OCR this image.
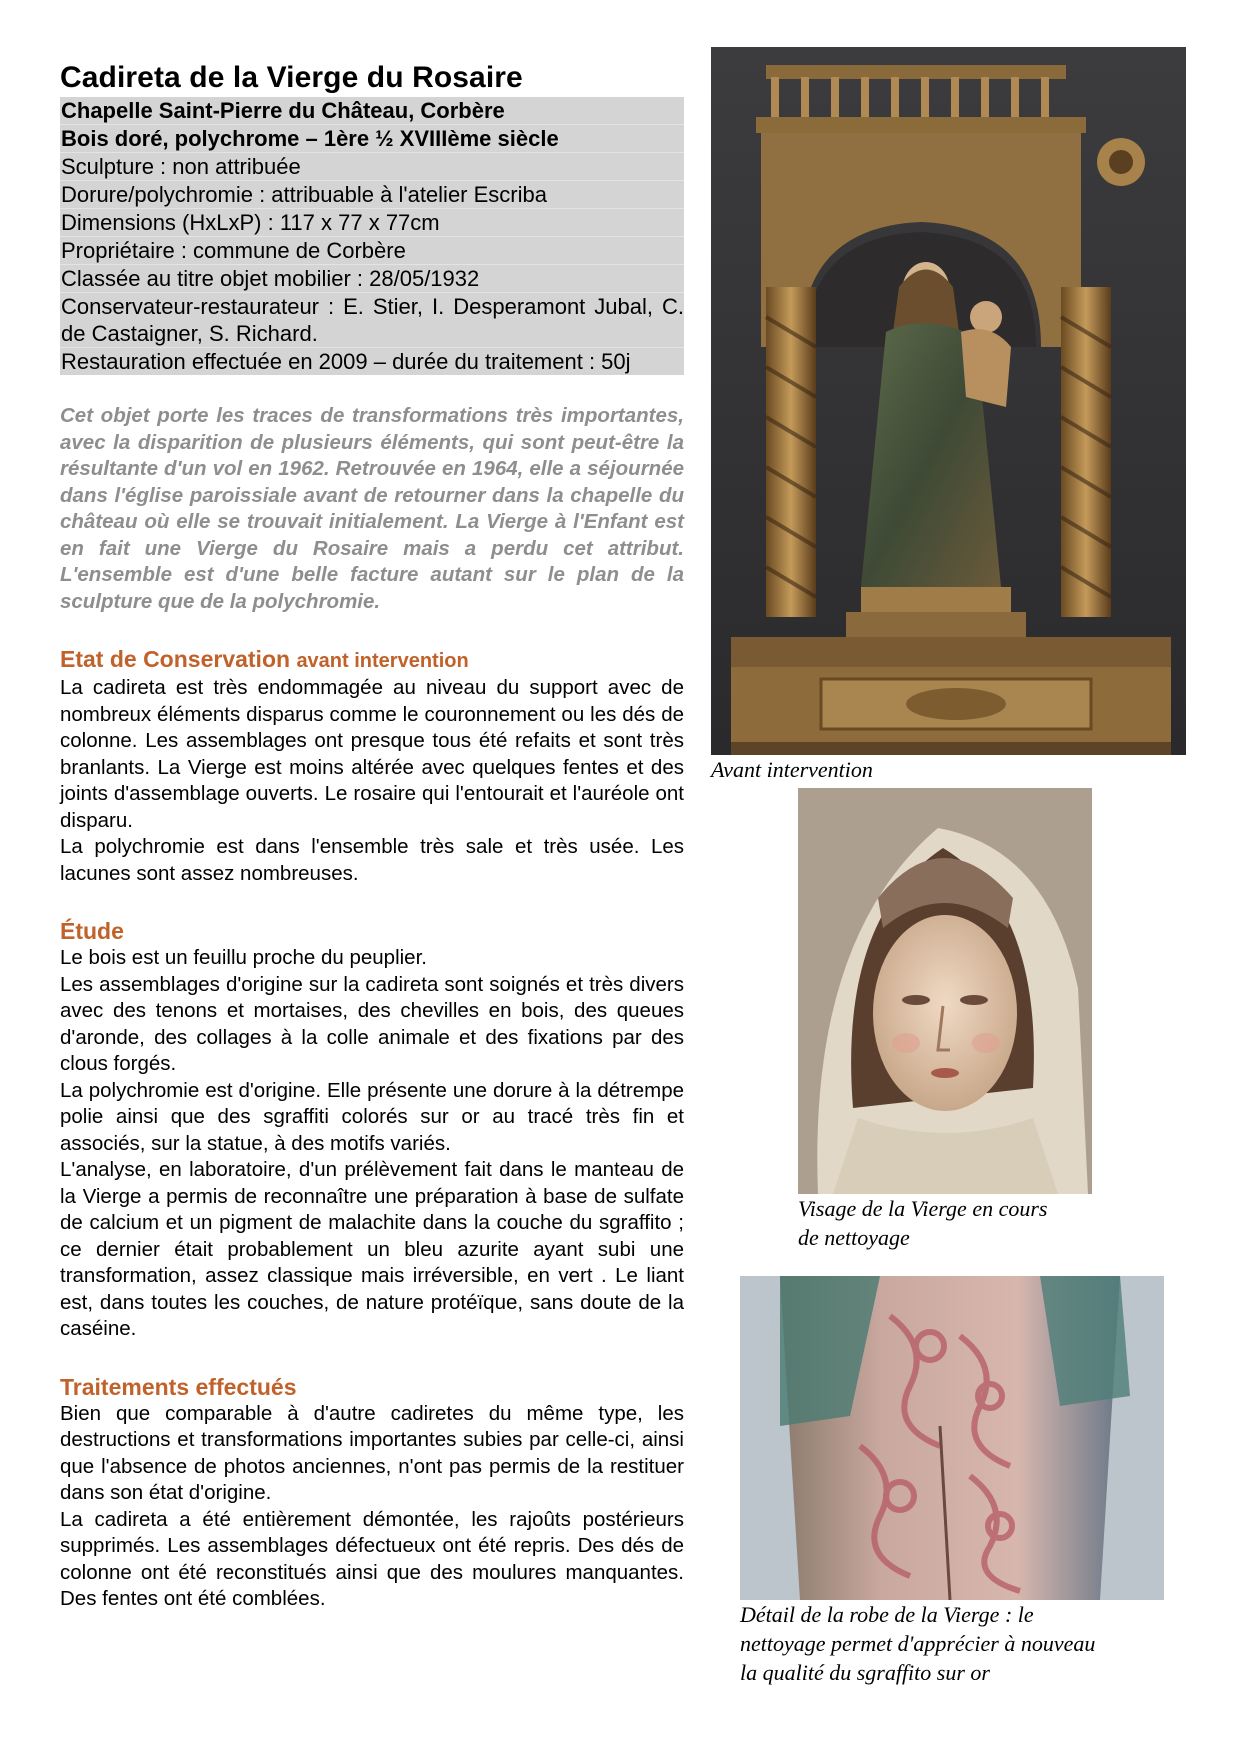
Cadireta de la Vierge du Rosaire
Chapelle Saint-Pierre du Château, Corbère
Bois doré, polychrome – 1ère ½ XVIIIème siècle
Sculpture : non attribuée
Dorure/polychromie : attribuable à l'atelier Escriba
Dimensions (HxLxP) : 117 x 77 x 77cm
Propriétaire : commune de Corbère
Classée au titre objet mobilier : 28/05/1932
Conservateur-restaurateur : E. Stier, I. Desperamont Jubal, C. de Castaigner, S. Richard.
Restauration effectuée en 2009 – durée du traitement : 50j
Cet objet porte les traces de transformations très importantes, avec la disparition de plusieurs éléments, qui sont peut-être la résultante d'un vol en 1962. Retrouvée en 1964, elle a séjournée dans l'église paroissiale avant de retourner dans la chapelle du château où elle se trouvait initialement. La Vierge à l'Enfant est en fait une Vierge du Rosaire mais a perdu cet attribut. L'ensemble est d'une belle facture autant sur le plan de la sculpture que de la polychromie.
Etat de Conservation avant intervention

La cadireta est très endommagée au niveau du support avec de nombreux éléments disparus comme le couronnement ou les dés de colonne. Les assemblages ont presque tous été refaits et sont très branlants. La Vierge est moins altérée avec quelques fentes et des joints d'assemblage ouverts. Le rosaire qui l'entourait et l'auréole ont disparu.

La polychromie est dans l'ensemble très sale et très usée. Les lacunes sont assez nombreuses.

Étude

Le bois est un feuillu proche du peuplier.

Les assemblages d'origine sur la cadireta sont soignés et très divers avec des tenons et mortaises, des chevilles en bois, des queues d'aronde, des collages à la colle animale et des fixations par des clous forgés.

La polychromie est d'origine. Elle présente une dorure à la détrempe polie ainsi que des sgraffiti colorés sur or au tracé très fin et associés, sur la statue, à des motifs variés.

L'analyse, en laboratoire, d'un prélèvement fait dans le manteau de la Vierge a permis de reconnaître une préparation à base de sulfate de calcium et un pigment de malachite dans la couche du sgraffito ; ce dernier était probablement un bleu azurite ayant subi une transformation, assez classique mais irréversible, en vert . Le liant est, dans toutes les couches, de nature protéïque, sans doute de la caséine.

Traitements effectués

Bien que comparable à d'autre cadiretes du même type, les destructions et transformations importantes subies par celle-ci, ainsi que l'absence de photos anciennes, n'ont pas permis de la restituer dans son état d'origine.

La cadireta a été entièrement démontée, les rajoûts postérieurs supprimés. Les assemblages défectueux ont été repris. Des dés de colonne ont été reconstitués ainsi que des moulures manquantes. Des fentes ont été comblées.

Avant intervention
Visage de la Vierge en cours
de nettoyage
Détail de la robe de la Vierge : le
nettoyage permet d'apprécier à nouveau
la qualité du sgraffito sur or
